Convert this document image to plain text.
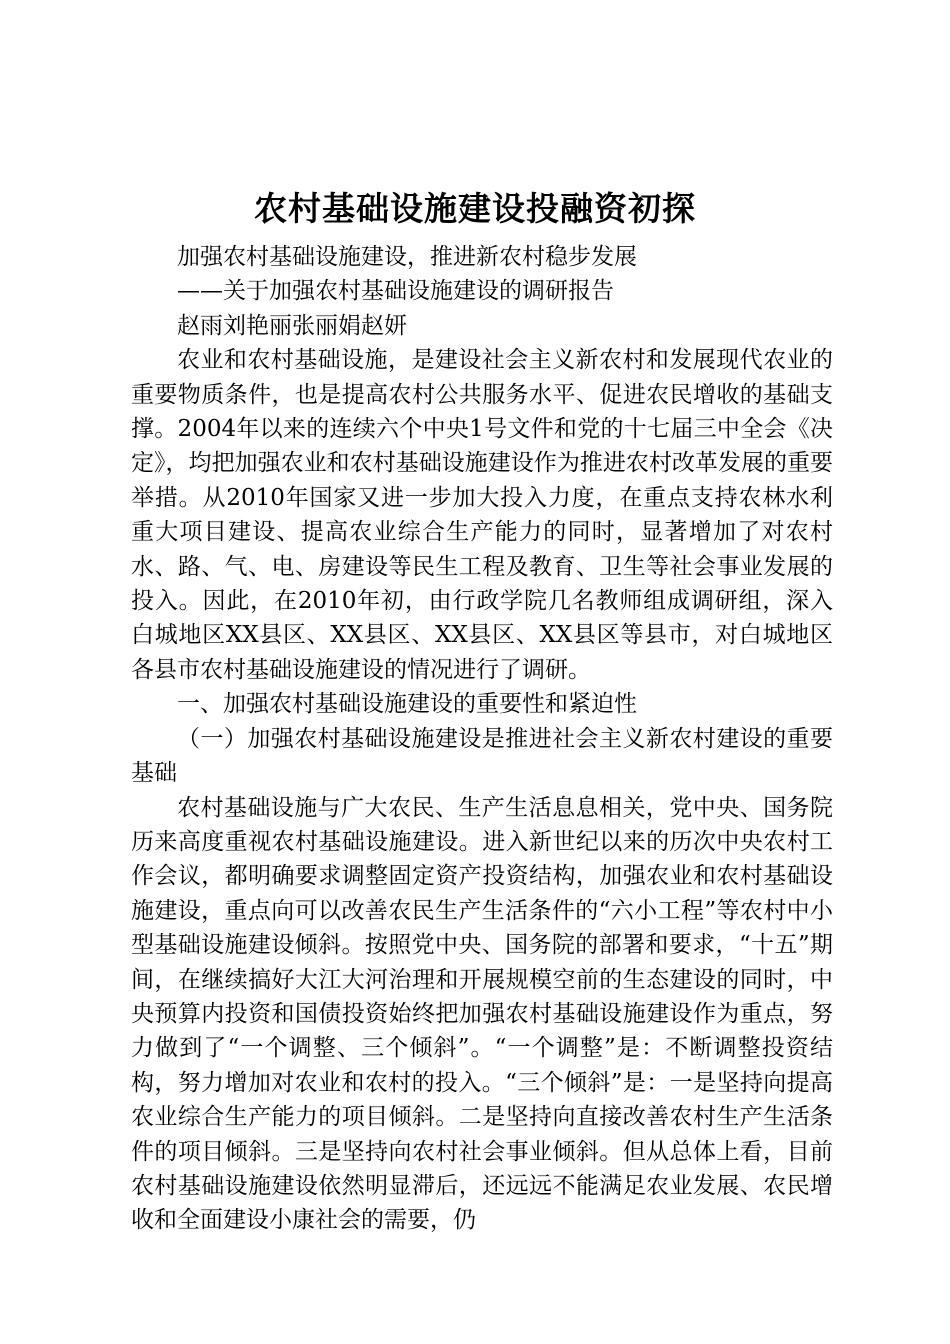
农村基础设施建设投融资初探

加强农村基础设施建设，推进新农村稳步发展

——关于加强农村基础设施建设的调研报告

赵雨刘艳丽张丽娟赵妍

农业和农村基础设施，是建设社会主义新农村和发展现代农业的重要物质条件，也是提高农村公共服务水平、促进农民增收的基础支撑。2004年以来的连续六个中央1号文件和党的十七届三中全会《决定》，均把加强农业和农村基础设施建设作为推进农村改革发展的重要举措。从2010年国家又进一步加大投入力度，在重点支持农林水利重大项目建设、提高农业综合生产能力的同时，显著增加了对农村水、路、气、电、房建设等民生工程及教育、卫生等社会事业发展的投入。因此，在2010年初，由行政学院几名教师组成调研组，深入白城地区XX县区、XX县区、XX县区、XX县区等县市，对白城地区各县市农村基础设施建设的情况进行了调研。

一、加强农村基础设施建设的重要性和紧迫性

（一）加强农村基础设施建设是推进社会主义新农村建设的重要基础

农村基础设施与广大农民、生产生活息息相关，党中央、国务院历来高度重视农村基础设施建设。进入新世纪以来的历次中央农村工作会议，都明确要求调整固定资产投资结构，加强农业和农村基础设施建设，重点向可以改善农民生产生活条件的“六小工程”等农村中小型基础设施建设倾斜。按照党中央、国务院的部署和要求，“十五”期间，在继续搞好大江大河治理和开展规模空前的生态建设的同时，中央预算内投资和国债投资始终把加强农村基础设施建设作为重点，努力做到了“一个调整、三个倾斜”。“一个调整”是：不断调整投资结构，努力增加对农业和农村的投入。“三个倾斜”是：一是坚持向提高农业综合生产能力的项目倾斜。二是坚持向直接改善农村生产生活条件的项目倾斜。三是坚持向农村社会事业倾斜。但从总体上看，目前农村基础设施建设依然明显滞后，还远远不能满足农业发展、农民增收和全面建设小康社会的需要，仍
